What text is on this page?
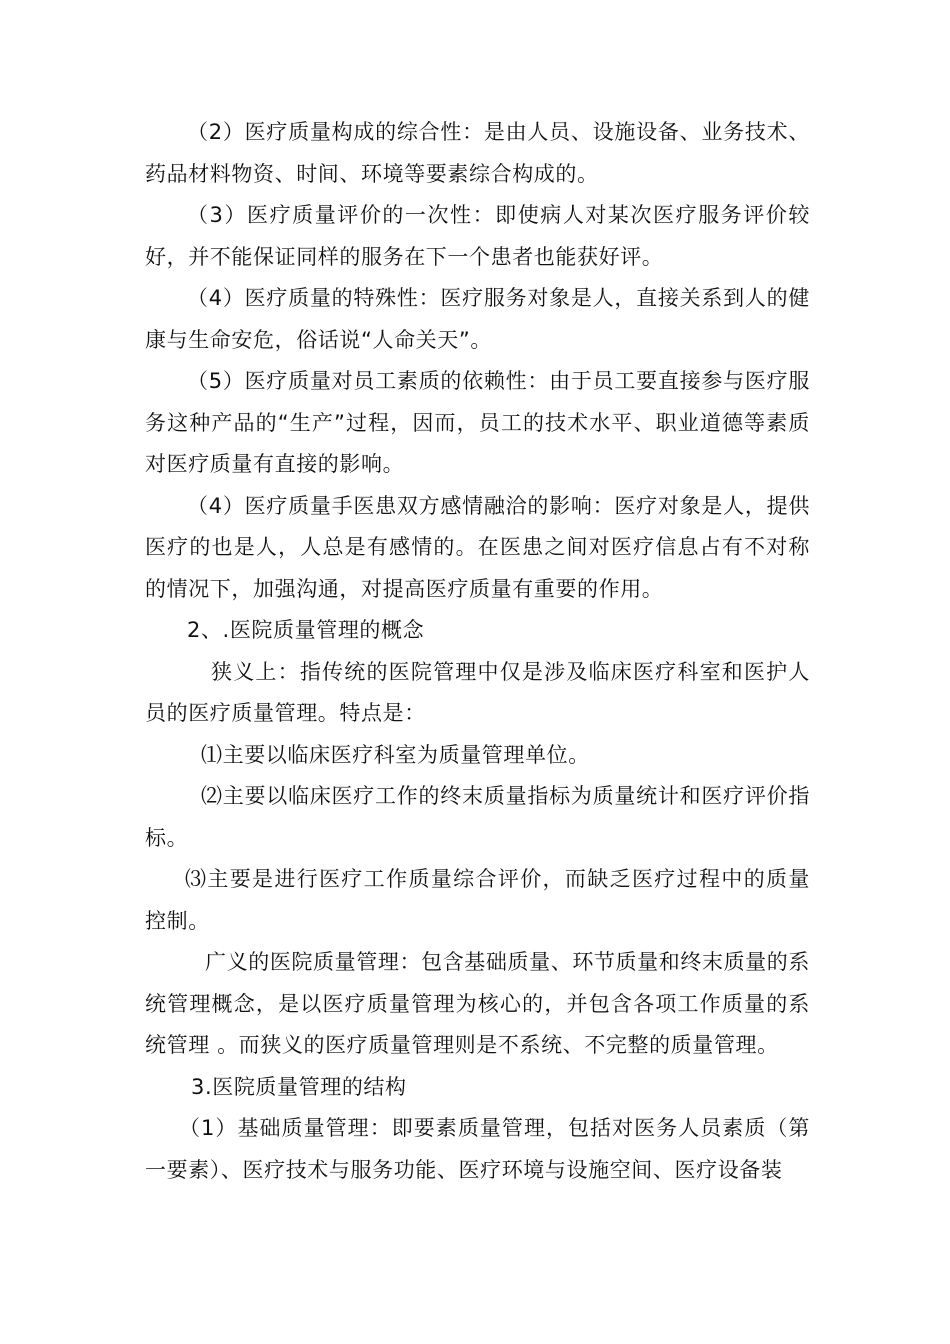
（2）医疗质量构成的综合性：是由人员、设施设备、业务技术、药品材料物资、时间、环境等要素综合构成的。

（3）医疗质量评价的一次性：即使病人对某次医疗服务评价较好，并不能保证同样的服务在下一个患者也能获好评。

（4）医疗质量的特殊性：医疗服务对象是人，直接关系到人的健康与生命安危，俗话说“人命关天”。

（5）医疗质量对员工素质的依赖性：由于员工要直接参与医疗服务这种产品的“生产”过程，因而，员工的技术水平、职业道德等素质对医疗质量有直接的影响。

（4）医疗质量手医患双方感情融洽的影响：医疗对象是人，提供医疗的也是人，人总是有感情的。在医患之间对医疗信息占有不对称的情况下，加强沟通，对提高医疗质量有重要的作用。

2、.医院质量管理的概念

狭义上：指传统的医院管理中仅是涉及临床医疗科室和医护人员的医疗质量管理。特点是：

⑴主要以临床医疗科室为质量管理单位。

⑵主要以临床医疗工作的终末质量指标为质量统计和医疗评价指标。

⑶主要是进行医疗工作质量综合评价，而缺乏医疗过程中的质量控制。

广义的医院质量管理：包含基础质量、环节质量和终末质量的系统管理概念，是以医疗质量管理为核心的，并包含各项工作质量的系统管理 。而狭义的医疗质量管理则是不系统、不完整的质量管理。

3.医院质量管理的结构

（1）基础质量管理：即要素质量管理，包括对医务人员素质（第一要素）、医疗技术与服务功能、医疗环境与设施空间、医疗设备装
